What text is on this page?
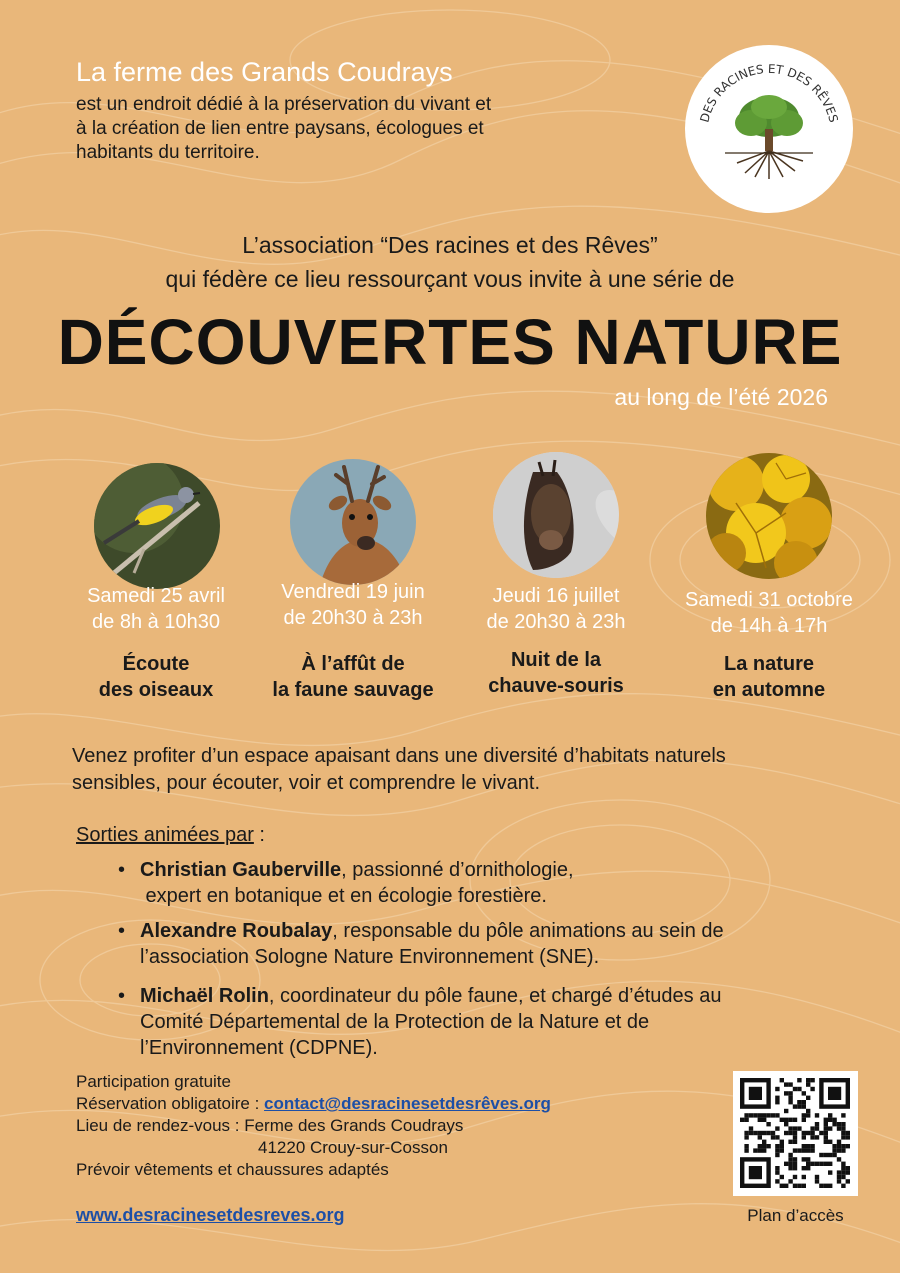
La ferme des Grands Coudrays
est un endroit dédié à la préservation du vivant et
à la création de lien entre paysans, écologues et
habitants du territoire.
DES RACINES ET DES RÊVES
L’association “Des racines et des Rêves”
qui fédère ce lieu ressourçant vous invite à une série de
DÉCOUVERTES NATURE
au long de l’été 2026
Samedi 25 avril
de 8h à 10h30
Écoute
des oiseaux
Vendredi 19 juin
de 20h30 à 23h
À l’affût de
la faune sauvage
Jeudi 16 juillet
de 20h30 à 23h
Nuit de la
chauve-souris
Samedi 31 octobre
de 14h à 17h
La nature
en automne
Venez profiter d’un espace apaisant dans une diversité d’habitats naturels
sensibles, pour écouter, voir et comprendre le vivant.
Sorties animées par :
• Christian Gauberville, passionné d’ornithologie,
expert en botanique et en écologie forestière.
• Alexandre Roubalay, responsable du pôle animations au sein de
l’association Sologne Nature Environnement (SNE).
• Michaël Rolin, coordinateur du pôle faune, et chargé d’études au
Comité Départemental de la Protection de la Nature et de
l’Environnement (CDPNE).
Participation gratuite
Réservation obligatoire : contact@desracinesetdesrêves.org
Lieu de rendez-vous : Ferme des Grands Coudrays
41220 Crouy-sur-Cosson
Prévoir vêtements et chaussures adaptés
www.desracinesetdesreves.org	Plan d’accès
